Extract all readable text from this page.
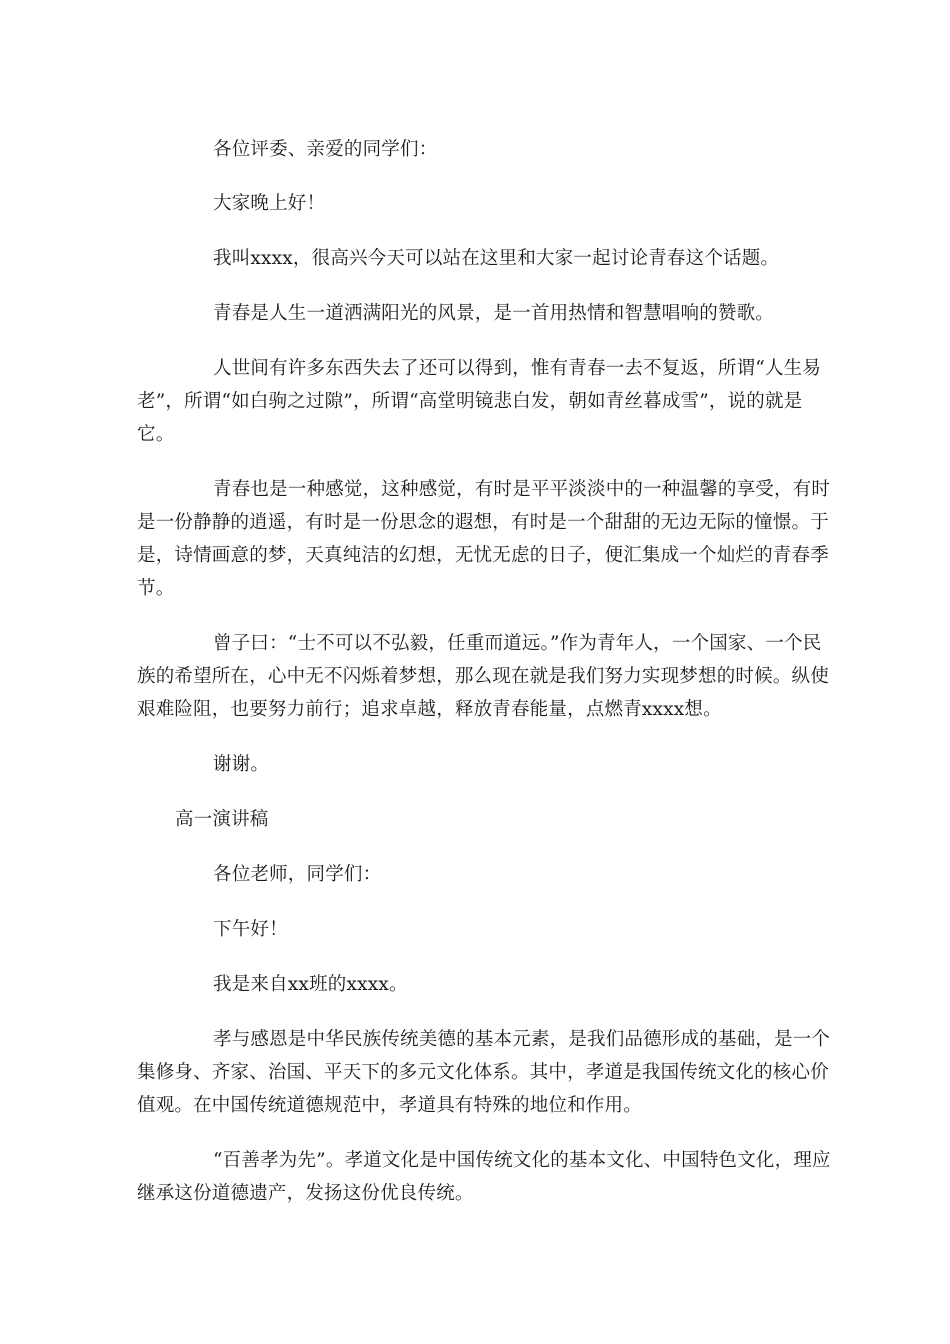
各位评委、亲爱的同学们：

大家晚上好！

我叫xxxx，很高兴今天可以站在这里和大家一起讨论青春这个话题。

青春是人生一道洒满阳光的风景，是一首用热情和智慧唱响的赞歌。

人世间有许多东西失去了还可以得到，惟有青春一去不复返，所谓“人生易老”，所谓“如白驹之过隙”，所谓“高堂明镜悲白发，朝如青丝暮成雪”，说的就是它。

青春也是一种感觉，这种感觉，有时是平平淡淡中的一种温馨的享受，有时是一份静静的逍遥，有时是一份思念的遐想，有时是一个甜甜的无边无际的憧憬。于是，诗情画意的梦，天真纯洁的幻想，无忧无虑的日子，便汇集成一个灿烂的青春季节。

曾子曰：“士不可以不弘毅，任重而道远。”作为青年人，一个国家、一个民族的希望所在，心中无不闪烁着梦想，那么现在就是我们努力实现梦想的时候。纵使艰难险阻，也要努力前行；追求卓越，释放青春能量，点燃青xxxx想。

谢谢。

高一演讲稿

各位老师，同学们：

下午好！

我是来自xx班的xxxx。

孝与感恩是中华民族传统美德的基本元素，是我们品德形成的基础，是一个集修身、齐家、治国、平天下的多元文化体系。其中，孝道是我国传统文化的核心价值观。在中国传统道德规范中，孝道具有特殊的地位和作用。

“百善孝为先”。孝道文化是中国传统文化的基本文化、中国特色文化，理应继承这份道德遗产，发扬这份优良传统。
